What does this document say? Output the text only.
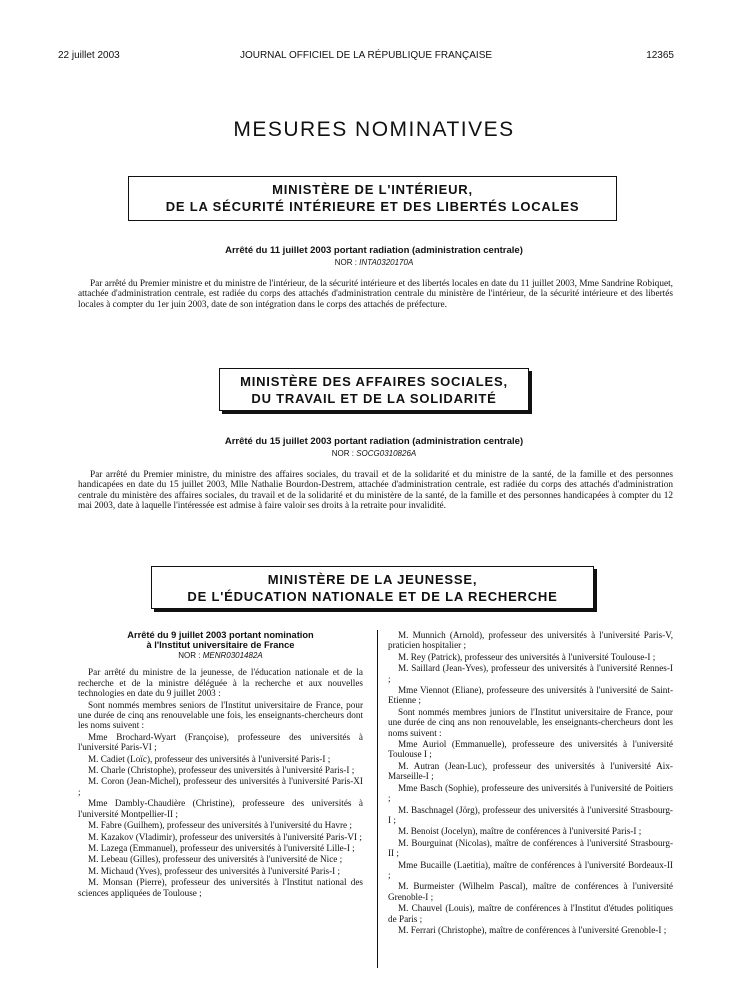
22 juillet 2003	JOURNAL OFFICIEL DE LA RÉPUBLIQUE FRANÇAISE	12365
MESURES NOMINATIVES
MINISTÈRE DE L'INTÉRIEUR,
DE LA SÉCURITÉ INTÉRIEURE ET DES LIBERTÉS LOCALES
Arrêté du 11 juillet 2003 portant radiation (administration centrale)
NOR : INTA0320170A

Par arrêté du Premier ministre et du ministre de l'intérieur, de la sécurité intérieure et des libertés locales en date du 11 juillet 2003, Mme Sandrine Robiquet, attachée d'administration centrale, est radiée du corps des attachés d'administration centrale du ministère de l'intérieur, de la sécurité intérieure et des libertés locales à compter du 1er juin 2003, date de son intégration dans le corps des attachés de préfecture.

MINISTÈRE DES AFFAIRES SOCIALES,
DU TRAVAIL ET DE LA SOLIDARITÉ
Arrêté du 15 juillet 2003 portant radiation (administration centrale)
NOR : SOCG0310826A

Par arrêté du Premier ministre, du ministre des affaires sociales, du travail et de la solidarité et du ministre de la santé, de la famille et des personnes handicapées en date du 15 juillet 2003, Mlle Nathalie Bourdon-Destrem, attachée d'administration centrale, est radiée du corps des attachés d'administration centrale du ministère des affaires sociales, du travail et de la solidarité et du ministère de la santé, de la famille et des personnes handicapées à compter du 12 mai 2003, date à laquelle l'intéressée est admise à faire valoir ses droits à la retraite pour invalidité.

MINISTÈRE DE LA JEUNESSE,
DE L'ÉDUCATION NATIONALE ET DE LA RECHERCHE
Arrêté du 9 juillet 2003 portant nomination
à l'Institut universitaire de France
NOR : MENR0301482A

Par arrêté du ministre de la jeunesse, de l'éducation nationale et de la recherche et de la ministre déléguée à la recherche et aux nouvelles technologies en date du 9 juillet 2003 :

Sont nommés membres seniors de l'Institut universitaire de France, pour une durée de cinq ans renouvelable une fois, les enseignants-chercheurs dont les noms suivent :

Mme Brochard-Wyart (Françoise), professeure des universités à l'université Paris-VI ;

M. Cadiet (Loïc), professeur des universités à l'université Paris-I ;

M. Charle (Christophe), professeur des universités à l'université Paris-I ;

M. Coron (Jean-Michel), professeur des universités à l'université Paris-XI ;

Mme Dambly-Chaudière (Christine), professeure des universités à l'université Montpellier-II ;

M. Fabre (Guilhem), professeur des universités à l'université du Havre ;

M. Kazakov (Vladimir), professeur des universités à l'université Paris-VI ;

M. Lazega (Emmanuel), professeur des universités à l'université Lille-I ;

M. Lebeau (Gilles), professeur des universités à l'université de Nice ;

M. Michaud (Yves), professeur des universités à l'université Paris-I ;

M. Monsan (Pierre), professeur des universités à l'Institut national des sciences appliquées de Toulouse ;

M. Munnich (Arnold), professeur des universités à l'université Paris-V, praticien hospitalier ;

M. Rey (Patrick), professeur des universités à l'université Toulouse-I ;

M. Saillard (Jean-Yves), professeur des universités à l'université Rennes-I ;

Mme Viennot (Eliane), professeure des universités à l'université de Saint-Etienne ;

Sont nommés membres juniors de l'Institut universitaire de France, pour une durée de cinq ans non renouvelable, les enseignants-chercheurs dont les noms suivent :

Mme Auriol (Emmanuelle), professeure des universités à l'université Toulouse I ;

M. Autran (Jean-Luc), professeur des universités à l'université Aix-Marseille-I ;

Mme Basch (Sophie), professeure des universités à l'université de Poitiers ;

M. Baschnagel (Jörg), professeur des universités à l'université Strasbourg-I ;

M. Benoist (Jocelyn), maître de conférences à l'université Paris-I ;

M. Bourguinat (Nicolas), maître de conférences à l'université Strasbourg-II ;

Mme Bucaille (Laetitia), maître de conférences à l'université Bordeaux-II ;

M. Burmeister (Wilhelm Pascal), maître de conférences à l'université Grenoble-I ;

M. Chauvel (Louis), maître de conférences à l'Institut d'études politiques de Paris ;

M. Ferrari (Christophe), maître de conférences à l'université Grenoble-I ;
